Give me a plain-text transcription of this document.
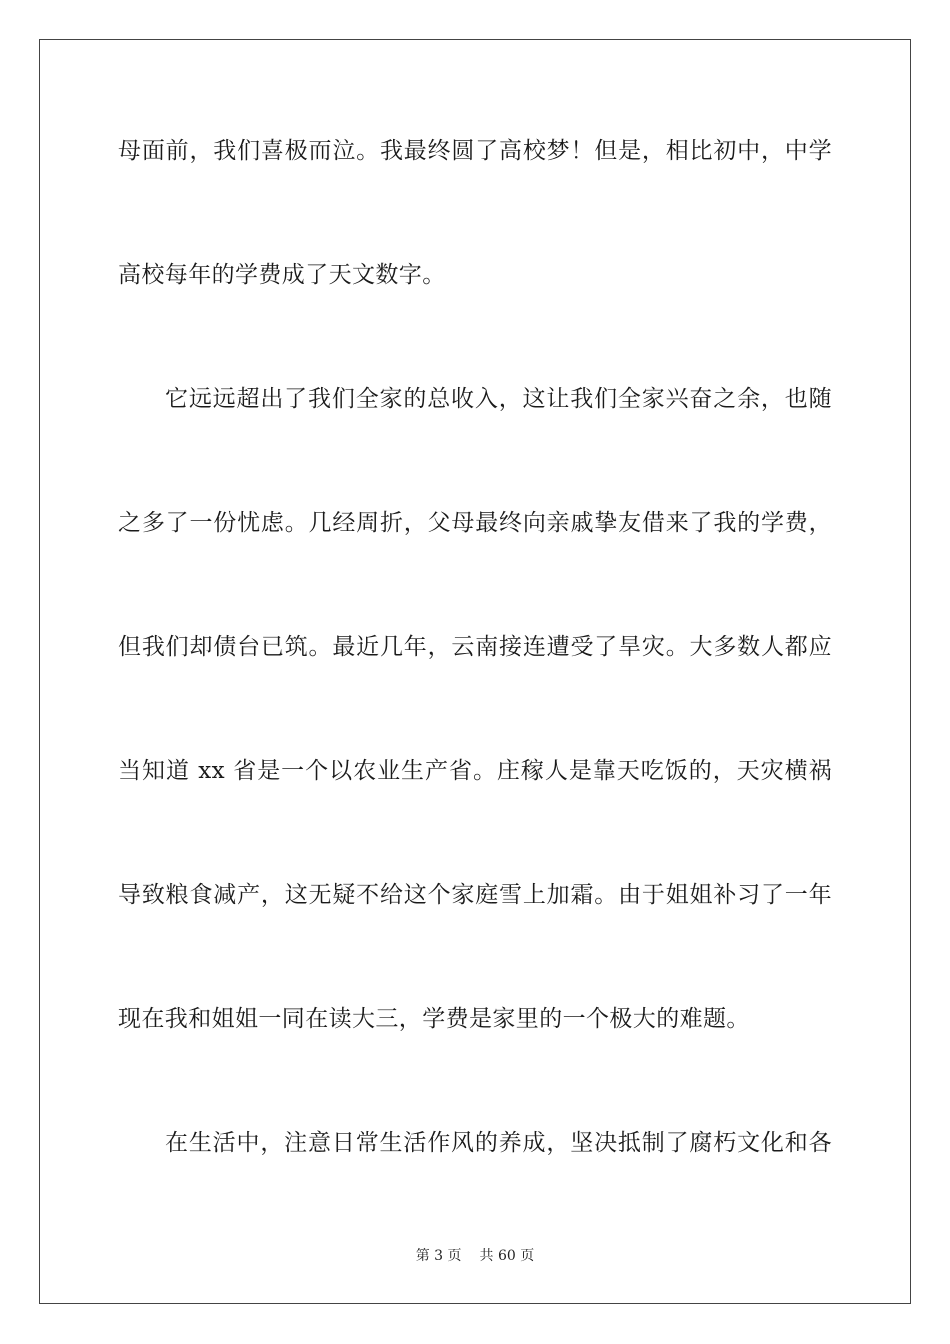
母面前，我们喜极而泣。我最终圆了高校梦！但是，相比初中，中学
高校每年的学费成了天文数字。
它远远超出了我们全家的总收入，这让我们全家兴奋之余，也随
之多了一份忧虑。几经周折，父母最终向亲戚挚友借来了我的学费，
但我们却债台已筑。最近几年，云南接连遭受了旱灾。大多数人都应
当知道 xx 省是一个以农业生产省。庄稼人是靠天吃饭的，天灾横祸
导致粮食减产，这无疑不给这个家庭雪上加霜。由于姐姐补习了一年
现在我和姐姐一同在读大三，学费是家里的一个极大的难题。
在生活中，注意日常生活作风的养成，坚决抵制了腐朽文化和各
第 3 页 共 60 页
